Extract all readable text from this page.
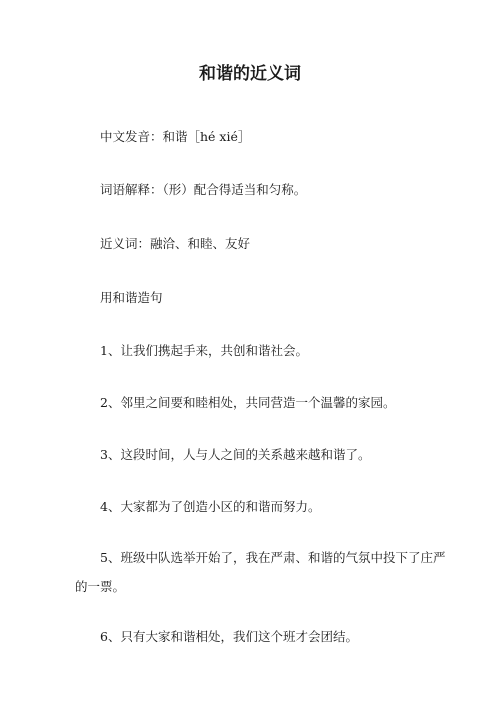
和谐的近义词
中文发音：和谐［hé xié］
词语解释：（形）配合得适当和匀称。
近义词：融洽、和睦、友好
用和谐造句
1、让我们携起手来，共创和谐社会。
2、邻里之间要和睦相处，共同营造一个温馨的家园。
3、这段时间，人与人之间的关系越来越和谐了。
4、大家都为了创造小区的和谐而努力。
5、班级中队选举开始了，我在严肃、和谐的气氛中投下了庄严
的一票。
6、只有大家和谐相处，我们这个班才会团结。
